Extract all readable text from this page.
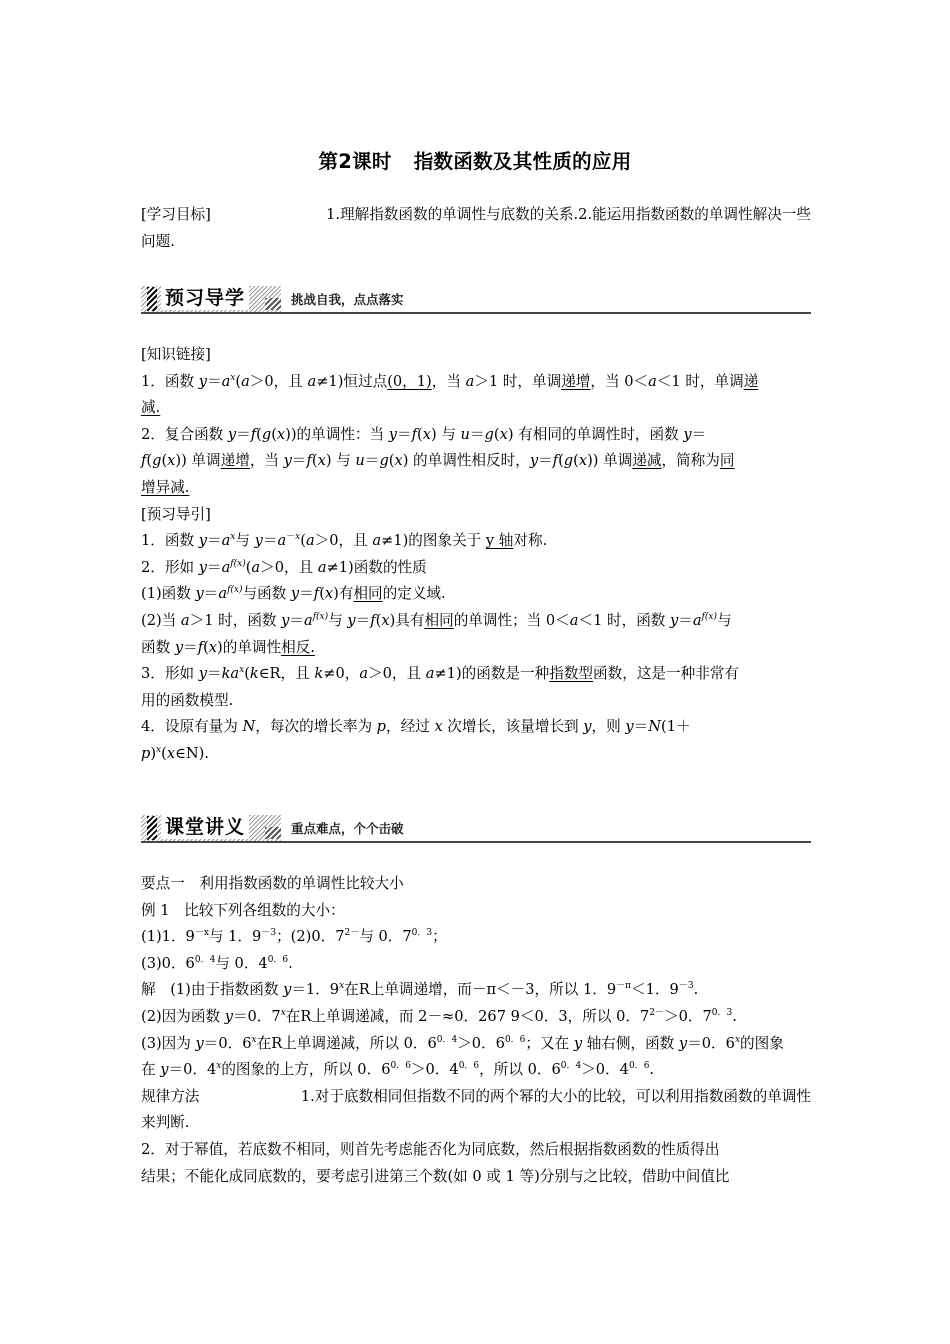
第2课时 指数函数及其性质的应用
[学习目标]	1.理解指数函数的单调性与底数的关系.2.能运用指数函数的单调性解决一些
问题.
预习导学	挑战自我，点点落实
[知识链接]
1．函数 $y=a^x(a>0$，且 a≠1)恒过点(0，1)，当 a＞1 时，单调递增，当 0＜a＜1 时，单调递
减.
2．复合函数 y＝f(g(x))的单调性：当 y＝f(x) 与 u＝g(x) 有相同的单调性时，函数 y＝
f(g(x)) 单调递增，当 y＝f(x) 与 u＝g(x) 的单调性相反时，y＝f(g(x)) 单调递减，简称为同
增异减.
[预习导引]
1．函数 $y=a^x$与 $y=a^{-x}(a>0$，且 a≠1)的图象关于 y 轴对称.
2．形如 $y=a^{f(x)}(a>0$，且 a≠1)函数的性质
(1)函数 $y=a^{f(x)}$与函数 y＝f(x)有相同的定义域.
(2)当 a＞1 时，函数 $y=a^{f(x)}$与 y＝f(x)具有相同的单调性；当 0＜a＜1 时，函数 $y=a^{f(x)}$与
函数 y＝f(x)的单调性相反.
3．形如 $y=ka^x(k\in R$，且 k≠0，a＞0，且 a≠1)的函数是一种指数型函数，这是一种非常有
用的函数模型.
4．设原有量为 N，每次的增长率为 p，经过 x 次增长，该量增长到 y，则 y＝N(1＋
p)$^x$(x∈N).
课堂讲义	重点难点，个个击破
要点一　利用指数函数的单调性比较大小
例 1　比较下列各组数的大小：
(1)1．$9^{-x}$与 1．$9^{-3}$；(2)0．$7^{2-}$与 0．$7^{0.3}$；
(3)0．$6^{0.4}$与 0．$4^{0.6}$.
解　(1)由于指数函数 y＝1．9$^x$在R上单调递增，而－π＜－3，所以 1．$9^{-\pi}<1$．$9^{-3}$.
(2)因为函数 y＝0．7$^x$在R上单调递减，而 2－≈0．267 9＜0．3，所以 0．$7^{2-}>0$．$7^{0.3}$.
(3)因为 y＝0．6$^x$在R上单调递减，所以 0．$6^{0.4}>0$．$6^{0.6}$；又在 y 轴右侧，函数 y＝0．6$^x$的图象
在 y＝0．4$^x$的图象的上方，所以 0．$6^{0.6}>0$．$4^{0.6}$，所以 0．$6^{0.4}>0$．$4^{0.6}$.
规律方法	1.对于底数相同但指数不同的两个幂的大小的比较，可以利用指数函数的单调性
来判断.
2．对于幂值，若底数不相同，则首先考虑能否化为同底数，然后根据指数函数的性质得出
结果；不能化成同底数的，要考虑引进第三个数(如 0 或 1 等)分别与之比较，借助中间值比
